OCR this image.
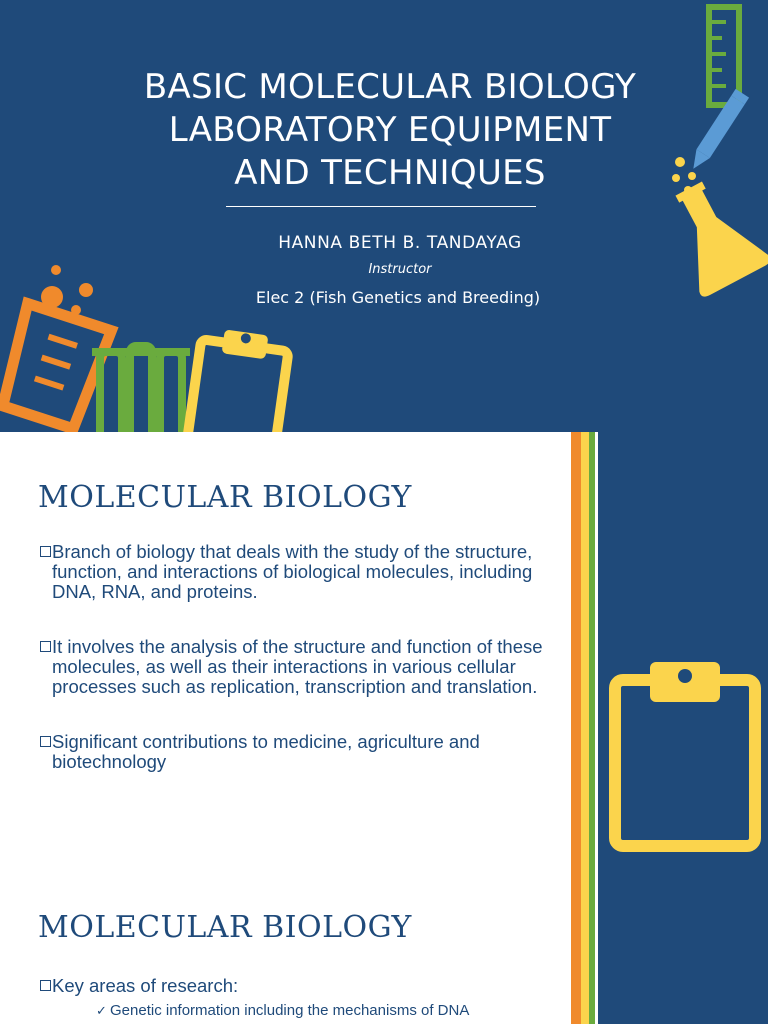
BASIC MOLECULAR BIOLOGY
LABORATORY EQUIPMENT
AND TECHNIQUES
HANNA BETH B. TANDAYAG
Instructor
Elec 2 (Fish Genetics and Breeding)
MOLECULAR BIOLOGY
Branch of biology that deals with the study of the structure, function, and interactions of biological molecules, including DNA, RNA, and proteins.
It involves the analysis of the structure and function of these molecules, as well as their interactions in various cellular processes such as replication, transcription and translation.
Significant contributions to medicine, agriculture and biotechnology
MOLECULAR BIOLOGY
Key areas of research:
✓ Genetic information including the mechanisms of DNA
